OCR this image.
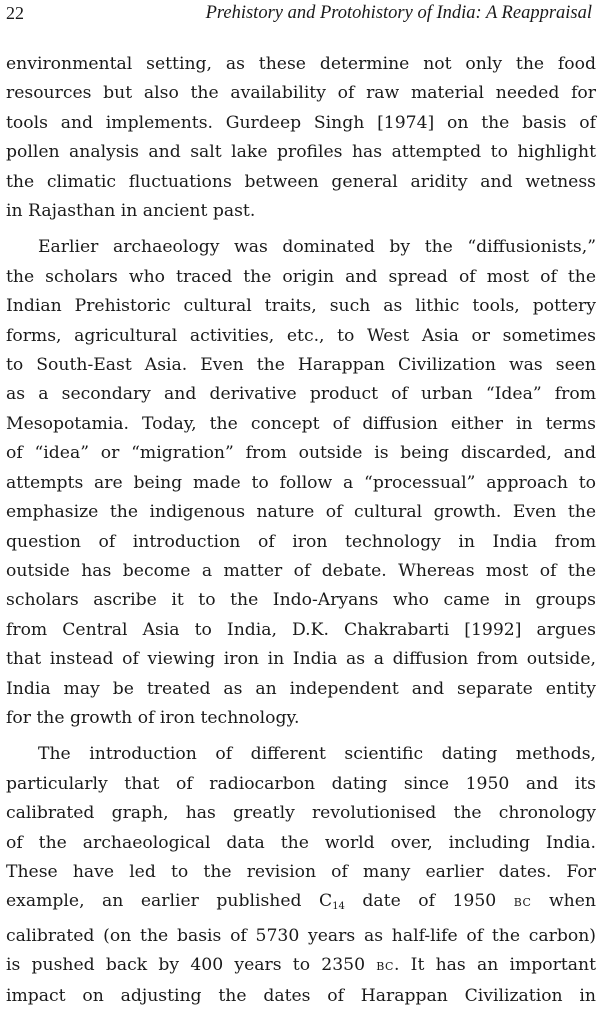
22	Prehistory and Protohistory of India: A Reappraisal

environmental setting, as these determine not only the food
resources but also the availability of raw material needed for
tools and implements. Gurdeep Singh [1974] on the basis of
pollen analysis and salt lake profiles has attempted to highlight
the climatic fluctuations between general aridity and wetness
in Rajasthan in ancient past.

Earlier archaeology was dominated by the “diffusionists,”
the scholars who traced the origin and spread of most of the
Indian Prehistoric cultural traits, such as lithic tools, pottery
forms, agricultural activities, etc., to West Asia or sometimes
to South-East Asia. Even the Harappan Civilization was seen
as a secondary and derivative product of urban “Idea” from
Mesopotamia. Today, the concept of diffusion either in terms
of “idea” or “migration” from outside is being discarded, and
attempts are being made to follow a “processual” approach to
emphasize the indigenous nature of cultural growth. Even the
question of introduction of iron technology in India from
outside has become a matter of debate. Whereas most of the
scholars ascribe it to the Indo-Aryans who came in groups
from Central Asia to India, D.K. Chakrabarti [1992] argues
that instead of viewing iron in India as a diffusion from outside,
India may be treated as an independent and separate entity
for the growth of iron technology.

The introduction of different scientific dating methods,
particularly that of radiocarbon dating since 1950 and its
calibrated graph, has greatly revolutionised the chronology
of the archaeological data the world over, including India.
These have led to the revision of many earlier dates. For
example, an earlier published $C_{14}$ date of 1950 BC when
calibrated (on the basis of 5730 years as half-life of the carbon)
is pushed back by 400 years to 2350 BC. It has an important
impact on adjusting the dates of Harappan Civilization in
